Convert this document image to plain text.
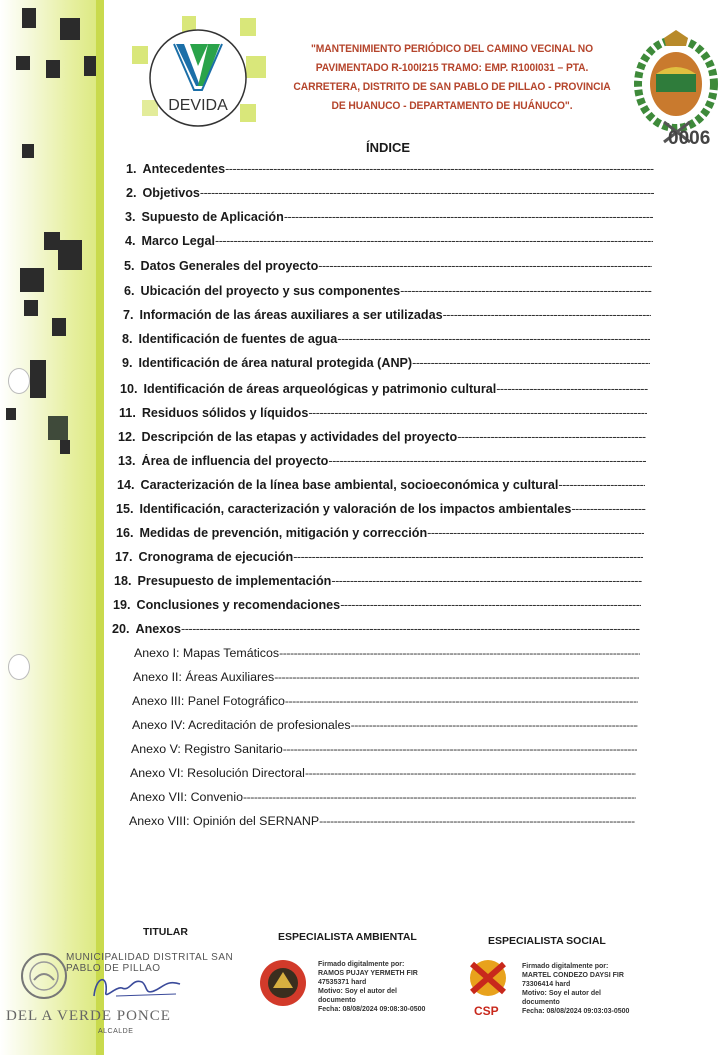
DEVIDA
"MANTENIMIENTO PERIÓDICO DEL CAMINO VECINAL NO PAVIMENTADO R-100I215 TRAMO: EMP. R100I031 – PTA. CARRETERA, DISTRITO DE SAN PABLO DE PILLAO - PROVINCIA DE HUANUCO - DEPARTAMENTO DE HUÁNUCO".
0006
ÍNDICE
1. Antecedentes
-----
2. Objetivos
-----
3. Supuesto de Aplicación
-----
4. Marco Legal
-----
5. Datos Generales del proyecto
-----
6. Ubicación del proyecto y sus componentes
-----
7. Información de las áreas auxiliares a ser utilizadas
-----
8. Identificación de fuentes de agua
-----
9. Identificación de área natural protegida (ANP)
-----
10. Identificación de áreas arqueológicas y patrimonio cultural
-----
11. Residuos sólidos y líquidos
-----
12. Descripción de las etapas y actividades del proyecto
-----
13. Área de influencia del proyecto
-----
14. Caracterización de la línea base ambiental, socioeconómica y cultural
-----
15. Identificación, caracterización y valoración de los impactos ambientales
-----
16. Medidas de prevención, mitigación y corrección
-----
17. Cronograma de ejecución
-----
18. Presupuesto de implementación
-----
19. Conclusiones y recomendaciones
-----
20. Anexos
-----
Anexo I: Mapas Temáticos
-----
Anexo II: Áreas Auxiliares
-----
Anexo III: Panel Fotográfico
-----
Anexo IV: Acreditación de profesionales
-----
Anexo V: Registro Sanitario
-----
Anexo VI: Resolución Directoral
-----
Anexo VII: Convenio
-----
Anexo VIII: Opinión del SERNANP
-----
TITULAR
MUNICIPALIDAD DISTRITAL SAN PABLO DE PILLAO
DEL A VERDE PONCE
ALCALDE
ESPECIALISTA AMBIENTAL
Firmado digitalmente por:
RAMOS PUJAY YERMETH FIR
47535371 hard
Motivo: Soy el autor del
documento
Fecha: 08/08/2024 09:08:30-0500
ESPECIALISTA SOCIAL
CSP
Firmado digitalmente por:
MARTEL CONDEZO DAYSI FIR
73306414 hard
Motivo: Soy el autor del
documento
Fecha: 08/08/2024 09:03:03-0500
